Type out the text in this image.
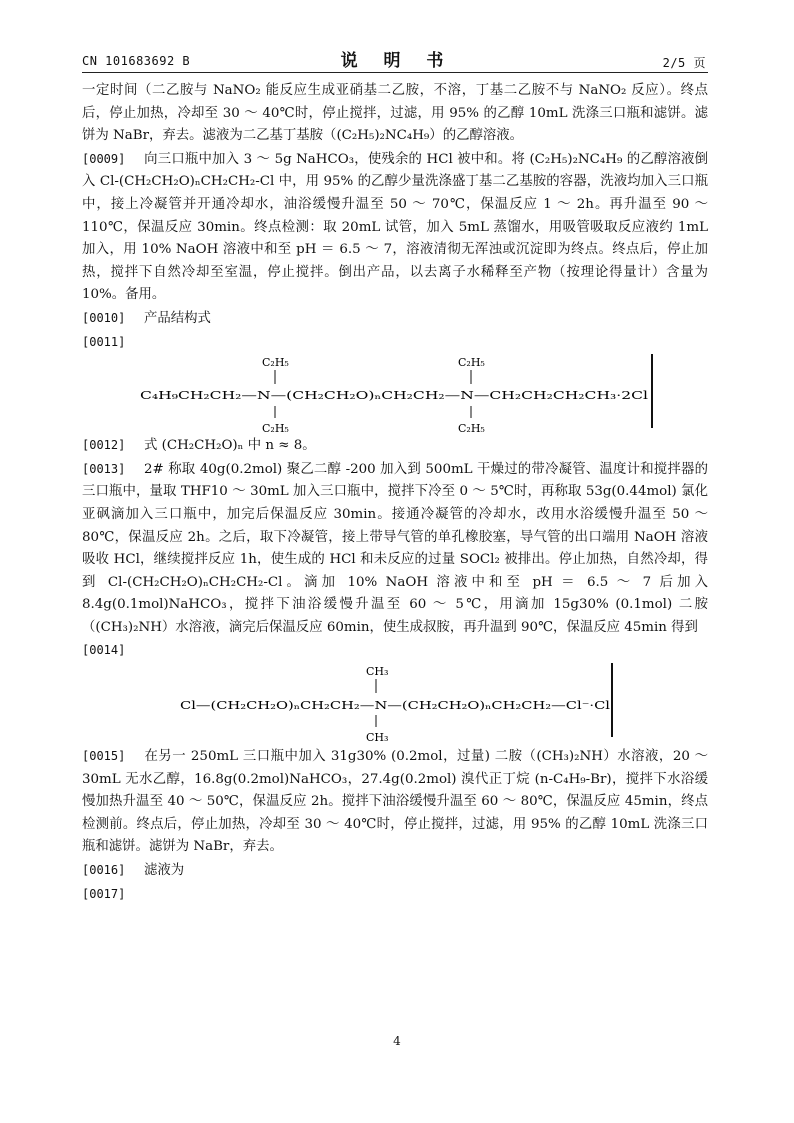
CN 101683692 B	说 明 书	2/5 页

一定时间（二乙胺与 NaNO₂ 能反应生成亚硝基二乙胺，不溶，丁基二乙胺不与 NaNO₂ 反应）。终点后，停止加热，冷却至 30 ～ 40℃时，停止搅拌，过滤，用 95% 的乙醇 10mL 洗涤三口瓶和滤饼。滤饼为 NaBr，弃去。滤液为二乙基丁基胺（(C₂H₅)₂NC₄H₉）的乙醇溶液。

[0009] 向三口瓶中加入 3 ～ 5g NaHCO₃，使残余的 HCl 被中和。将 (C₂H₅)₂NC₄H₉ 的乙醇溶液倒入 Cl-(CH₂CH₂O)ₙCH₂CH₂-Cl 中，用 95% 的乙醇少量洗涤盛丁基二乙基胺的容器，洗液均加入三口瓶中，接上冷凝管并开通冷却水，油浴缓慢升温至 50 ～ 70℃，保温反应 1 ～ 2h。再升温至 90 ～ 110℃，保温反应 30min。终点检测：取 20mL 试管，加入 5mL 蒸馏水，用吸管吸取反应液约 1mL 加入，用 10% NaOH 溶液中和至 pH ＝ 6.5 ～ 7，溶液清彻无浑浊或沉淀即为终点。终点后，停止加热，搅拌下自然冷却至室温，停止搅拌。倒出产品，以去离子水稀释至产物（按理论得量计）含量为 10%。备用。

[0010] 产品结构式

[0011]

C₂H₅	C₂H₅
C₄H₉CH₂CH₂—N—(CH₂CH₂O)ₙCH₂CH₂—N—CH₂CH₂CH₂CH₃·2Cl
C₂H₅	C₂H₅

[0012] 式 (CH₂CH₂O)ₙ 中 n ≈ 8。

[0013] 2# 称取 40g(0.2mol) 聚乙二醇 -200 加入到 500mL 干燥过的带冷凝管、温度计和搅拌器的三口瓶中，量取 THF10 ～ 30mL 加入三口瓶中，搅拌下冷至 0 ～ 5℃时，再称取 53g(0.44mol) 氯化亚砜滴加入三口瓶中，加完后保温反应 30min。接通冷凝管的冷却水，改用水浴缓慢升温至 50 ～ 80℃，保温反应 2h。之后，取下冷凝管，接上带导气管的单孔橡胶塞，导气管的出口端用 NaOH 溶液吸收 HCl，继续搅拌反应 1h，使生成的 HCl 和未反应的过量 SOCl₂ 被排出。停止加热，自然冷却，得到 Cl-(CH₂CH₂O)ₙCH₂CH₂-Cl。滴加 10% NaOH 溶液中和至 pH ＝ 6.5 ～ 7 后加入 8.4g(0.1mol)NaHCO₃，搅拌下油浴缓慢升温至 60 ～ 5℃，用滴加 15g30% (0.1mol) 二胺（(CH₃)₂NH）水溶液，滴完后保温反应 60min，使生成叔胺，再升温到 90℃，保温反应 45min 得到

[0014]

CH₃
Cl—(CH₂CH₂O)ₙCH₂CH₂—N—(CH₂CH₂O)ₙCH₂CH₂—Cl⁻·Cl
CH₃

[0015] 在另一 250mL 三口瓶中加入 31g30% (0.2mol，过量) 二胺（(CH₃)₂NH）水溶液，20 ～ 30mL 无水乙醇，16.8g(0.2mol)NaHCO₃，27.4g(0.2mol) 溴代正丁烷 (n-C₄H₉-Br)，搅拌下水浴缓慢加热升温至 40 ～ 50℃，保温反应 2h。搅拌下油浴缓慢升温至 60 ～ 80℃，保温反应 45min，终点检测前。终点后，停止加热，冷却至 30 ～ 40℃时，停止搅拌，过滤，用 95% 的乙醇 10mL 洗涤三口瓶和滤饼。滤饼为 NaBr，弃去。

[0016] 滤液为

[0017]

4
